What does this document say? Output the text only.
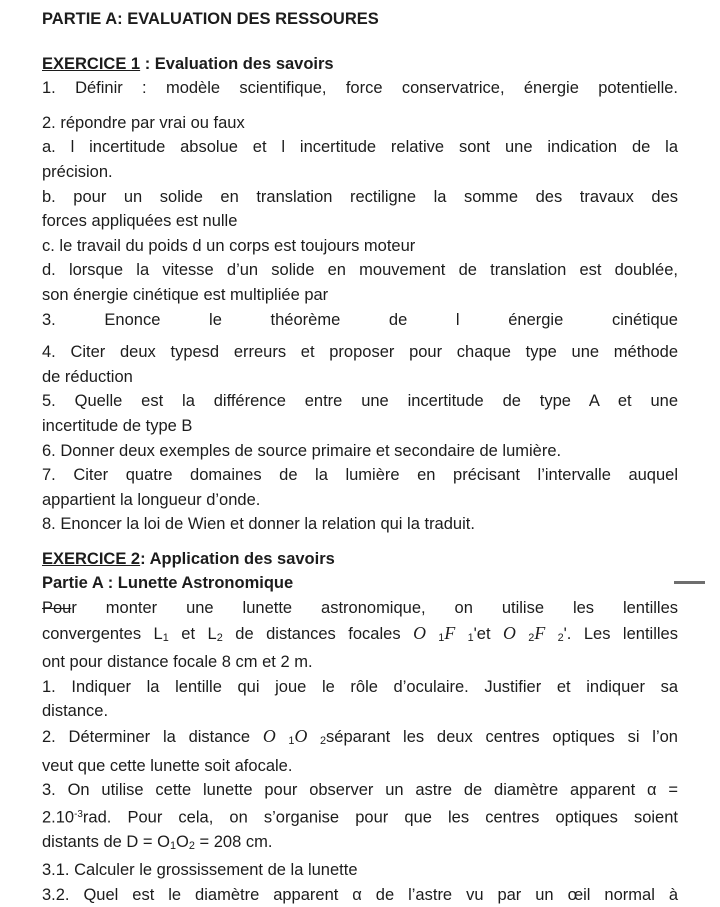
PARTIE A: EVALUATION DES RESSOURES
EXERCICE 1 : Evaluation des savoirs
1. Définir : modèle scientifique, force conservatrice, énergie potentielle.
2. répondre par vrai ou faux
a. l incertitude absolue et l incertitude relative sont une indication de la
précision.
b. pour un solide en translation rectiligne la somme des travaux des
forces appliquées est nulle
c. le travail du poids d un corps est toujours moteur
d. lorsque la vitesse d’un solide en mouvement de translation est doublée,
son énergie cinétique est multipliée par
3. Enonce le théorème de l énergie cinétique
4. Citer deux typesd erreurs et proposer pour chaque type une méthode
de réduction
5. Quelle est la différence entre une incertitude de type A et une
incertitude de type B
6. Donner deux exemples de source primaire et secondaire de lumière.
7. Citer quatre domaines de la lumière en précisant l’intervalle auquel
appartient la longueur d’onde.
8. Enoncer la loi de Wien et donner la relation qui la traduit.
EXERCICE 2: Application des savoirs
Partie A : Lunette Astronomique
Pour monter une lunette astronomique, on utilise les lentilles
convergentes L1 et L2 de distances focales O 1F 1'et O 2F 2'. Les lentilles
ont pour distance focale 8 cm et 2 m.
1. Indiquer la lentille qui joue le rôle d’oculaire. Justifier et indiquer sa
distance.
2. Déterminer la distance O 1O 2séparant les deux centres optiques si l’on
veut que cette lunette soit afocale.
3. On utilise cette lunette pour observer un astre de diamètre apparent α =
$2.10^{-3}rad$. Pour cela, on s’organise pour que les centres optiques soient
distants de D = O1O2 = 208 cm.
3.1. Calculer le grossissement de la lunette
3.2. Quel est le diamètre apparent α de l’astre vu par un œil normal à
